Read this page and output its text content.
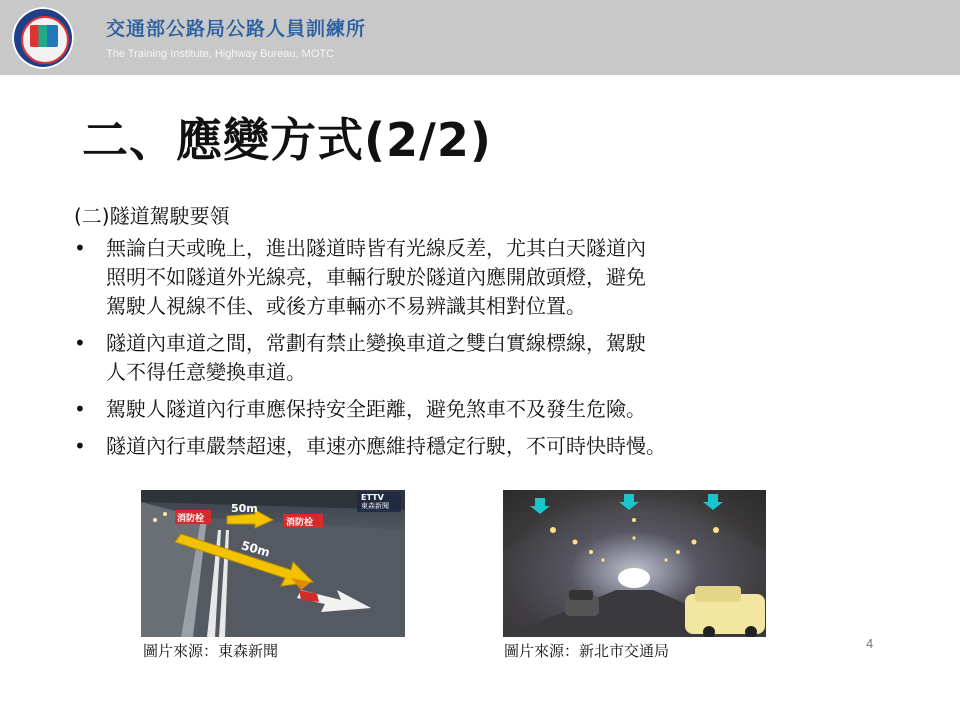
交通部公路局公路人員訓練所
The Training Institute, Highway Bureau, MOTC
二、應變方式(2/2)
(二)隧道駕駛要領
• 無論白天或晚上，進出隧道時皆有光線反差，尤其白天隧道內
照明不如隧道外光線亮，車輛行駛於隧道內應開啟頭燈，避免
駕駛人視線不佳、或後方車輛亦不易辨識其相對位置。
• 隧道內車道之間，常劃有禁止變換車道之雙白實線標線，駕駛
人不得任意變換車道。
• 駕駛人隧道內行車應保持安全距離，避免煞車不及發生危險。
• 隧道內行車嚴禁超速，車速亦應維持穩定行駛，不可時快時慢。
消防栓
50m
消防栓
50m
ETTV
東森新聞
圖片來源：東森新聞	圖片來源：新北市交通局	4
